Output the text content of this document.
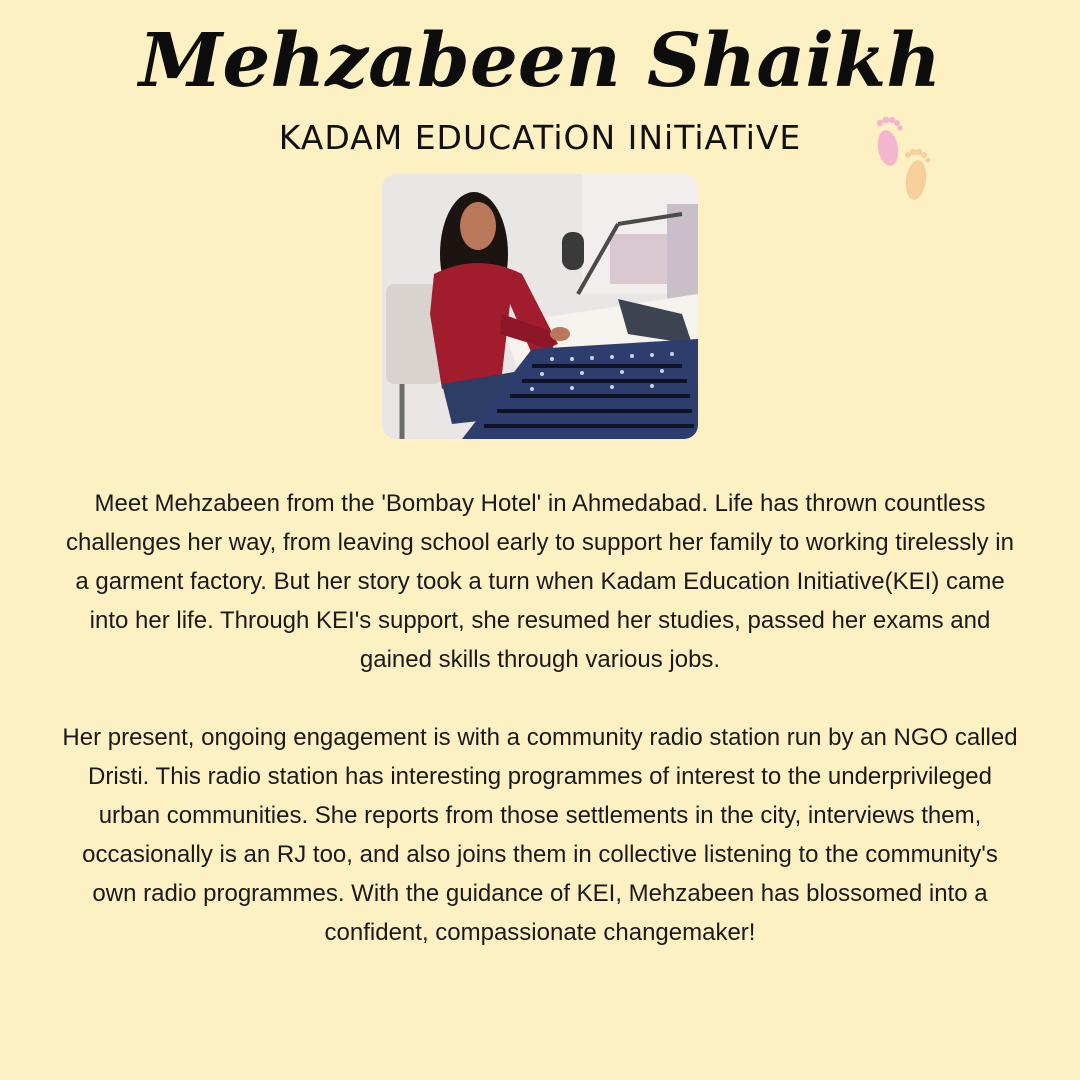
Mehzabeen Shaikh
KADAM EDUCATiON INiTiATiVE

Meet Mehzabeen from the 'Bombay Hotel' in Ahmedabad. Life has thrown countless challenges her way, from leaving school early to support her family to working tirelessly in a garment factory. But her story took a turn when Kadam Education Initiative(KEI) came into her life. Through KEI's support, she resumed her studies, passed her exams and gained skills through various jobs.

Her present, ongoing engagement is with a community radio station run by an NGO called Dristi. This radio station has interesting programmes of interest to the underprivileged urban communities. She reports from those settlements in the city, interviews them, occasionally is an RJ too, and also joins them in collective listening to the community's own radio programmes. With the guidance of KEI, Mehzabeen has blossomed into a confident, compassionate changemaker!
